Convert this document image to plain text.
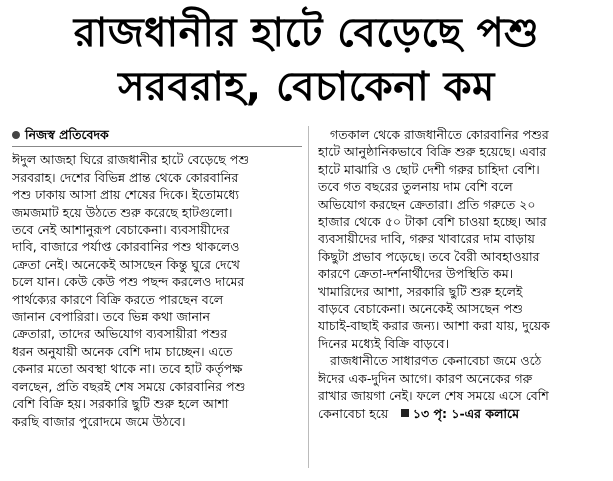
রাজধানীর হাটে বেড়েছে পশু
সরবরাহ, বেচাকেনা কম
নিজস্ব প্রতিবেদক
ঈদুল আজহা ঘিরে রাজধানীর হাটে বেড়েছে পশু
সরবরাহ। দেশের বিভিন্ন প্রান্ত থেকে কোরবানির
পশু ঢাকায় আসা প্রায় শেষের দিকে। ইতোমধ্যে
জমজমাট হয়ে উঠতে শুরু করেছে হাটগুলো।
তবে নেই আশানুরূপ বেচাকেনা। ব্যবসায়ীদের
দাবি, বাজারে পর্যাপ্ত কোরবানির পশু থাকলেও
ক্রেতা নেই। অনেকেই আসছেন কিন্তু ঘুরে দেখে
চলে যান। কেউ কেউ পশু পছন্দ করলেও দামের
পার্থক্যের কারণে বিক্রি করতে পারছেন বলে
জানান বেপারিরা। তবে ভিন্ন কথা জানান
ক্রেতারা, তাদের অভিযোগ ব্যবসায়ীরা পশুর
ধরন অনুযায়ী অনেক বেশি দাম চাচ্ছেন। এতে
কেনার মতো অবস্থা থাকে না। তবে হাট কর্তৃপক্ষ
বলছেন, প্রতি বছরই শেষ সময়ে কোরবানির পশু
বেশি বিক্রি হয়। সরকারি ছুটি শুরু হলে আশা
করছি বাজার পুরোদমে জমে উঠবে।
গতকাল থেকে রাজধানীতে কোরবানির পশুর
হাটে আনুষ্ঠানিকভাবে বিক্রি শুরু হয়েছে। এবার
হাটে মাঝারি ও ছোট দেশী গরুর চাহিদা বেশি।
তবে গত বছরের তুলনায় দাম বেশি বলে
অভিযোগ করছেন ক্রেতারা। প্রতি গরুতে ২০
হাজার থেকে ৫০ টাকা বেশি চাওয়া হচ্ছে। আর
ব্যবসায়ীদের দাবি, গরুর খাবারের দাম বাড়ায়
কিছুটা প্রভাব পড়েছে। তবে বৈরী আবহাওয়ার
কারণে ক্রেতা-দর্শনার্থীদের উপস্থিতি কম।
খামারিদের আশা, সরকারি ছুটি শুরু হলেই
বাড়বে বেচাকেনা। অনেকেই আসছেন পশু
যাচাই-বাছাই করার জন্য। আশা করা যায়, দুয়েক
দিনের মধ্যেই বিক্রি বাড়বে।
রাজধানীতে সাধারণত কেনাবেচা জমে ওঠে
ঈদের এক-দুদিন আগে। কারণ অনেকের গরু
রাখার জায়গা নেই। ফলে শেষ সময়ে এসে বেশি
কেনাবেচা হয়ে ১৩ পৃ: ১-এর কলামে
